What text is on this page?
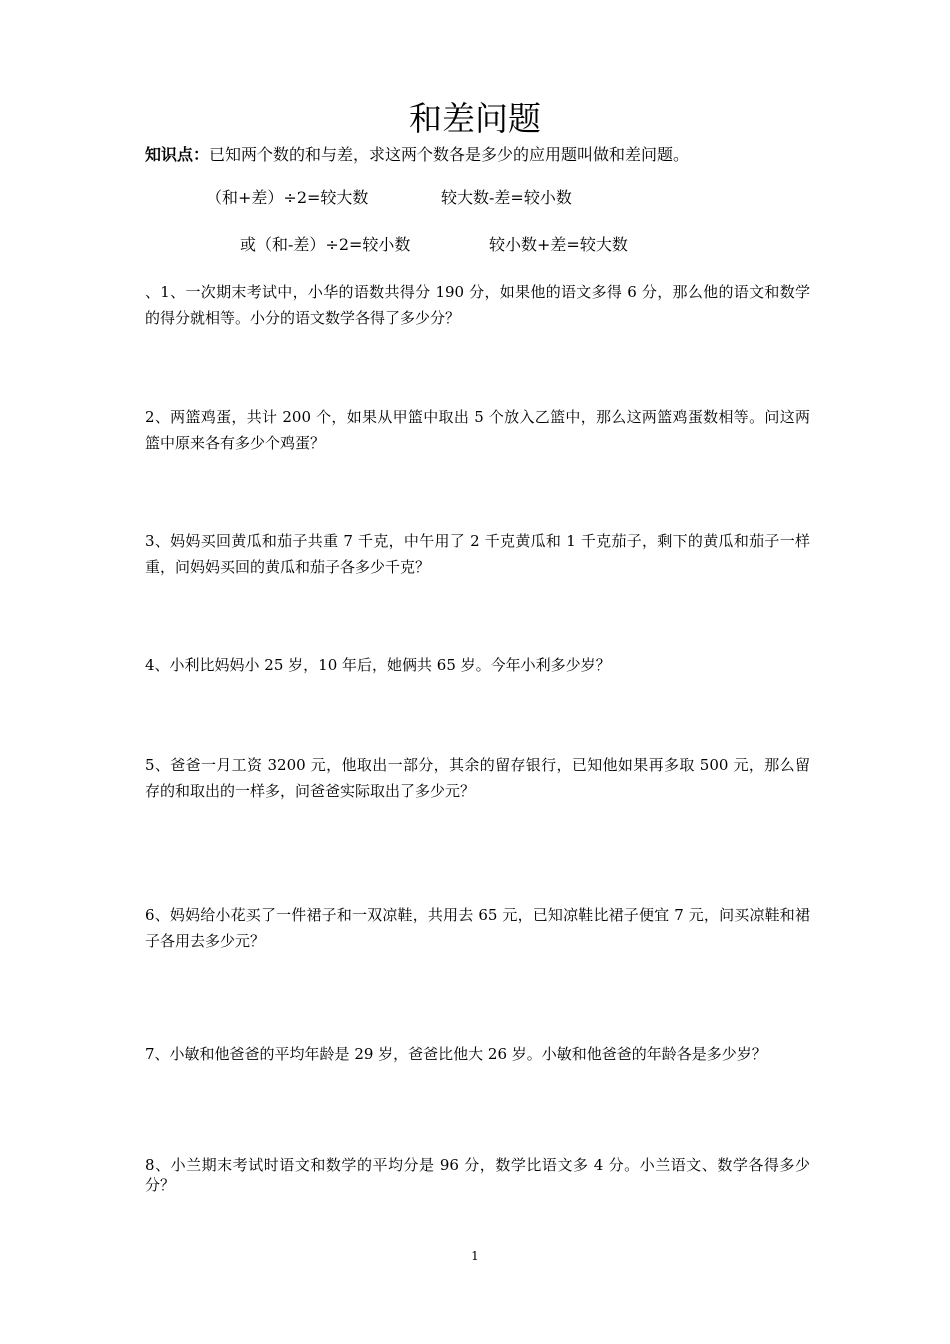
和差问题
知识点：已知两个数的和与差，求这两个数各是多少的应用题叫做和差问题。
（和+差）÷2=较大数	较大数-差=较小数
或（和-差）÷2=较小数	较小数+差=较大数
、1、一次期末考试中，小华的语数共得分 190 分，如果他的语文多得 6 分，那么他的语文和数学的得分就相等。小分的语文数学各得了多少分？
2、两篮鸡蛋，共计 200 个，如果从甲篮中取出 5 个放入乙篮中，那么这两篮鸡蛋数相等。问这两篮中原来各有多少个鸡蛋？
3、妈妈买回黄瓜和茄子共重 7 千克，中午用了 2 千克黄瓜和 1 千克茄子，剩下的黄瓜和茄子一样重，问妈妈买回的黄瓜和茄子各多少千克？
4、小利比妈妈小 25 岁，10 年后，她俩共 65 岁。今年小利多少岁？
5、爸爸一月工资 3200 元，他取出一部分，其余的留存银行，已知他如果再多取 500 元，那么留存的和取出的一样多，问爸爸实际取出了多少元？
6、妈妈给小花买了一件裙子和一双凉鞋，共用去 65 元，已知凉鞋比裙子便宜 7 元，问买凉鞋和裙子各用去多少元？
7、小敏和他爸爸的平均年龄是 29 岁，爸爸比他大 26 岁。小敏和他爸爸的年龄各是多少岁？
8、小兰期末考试时语文和数学的平均分是 96 分，数学比语文多 4 分。小兰语文、数学各得多少分？
1
